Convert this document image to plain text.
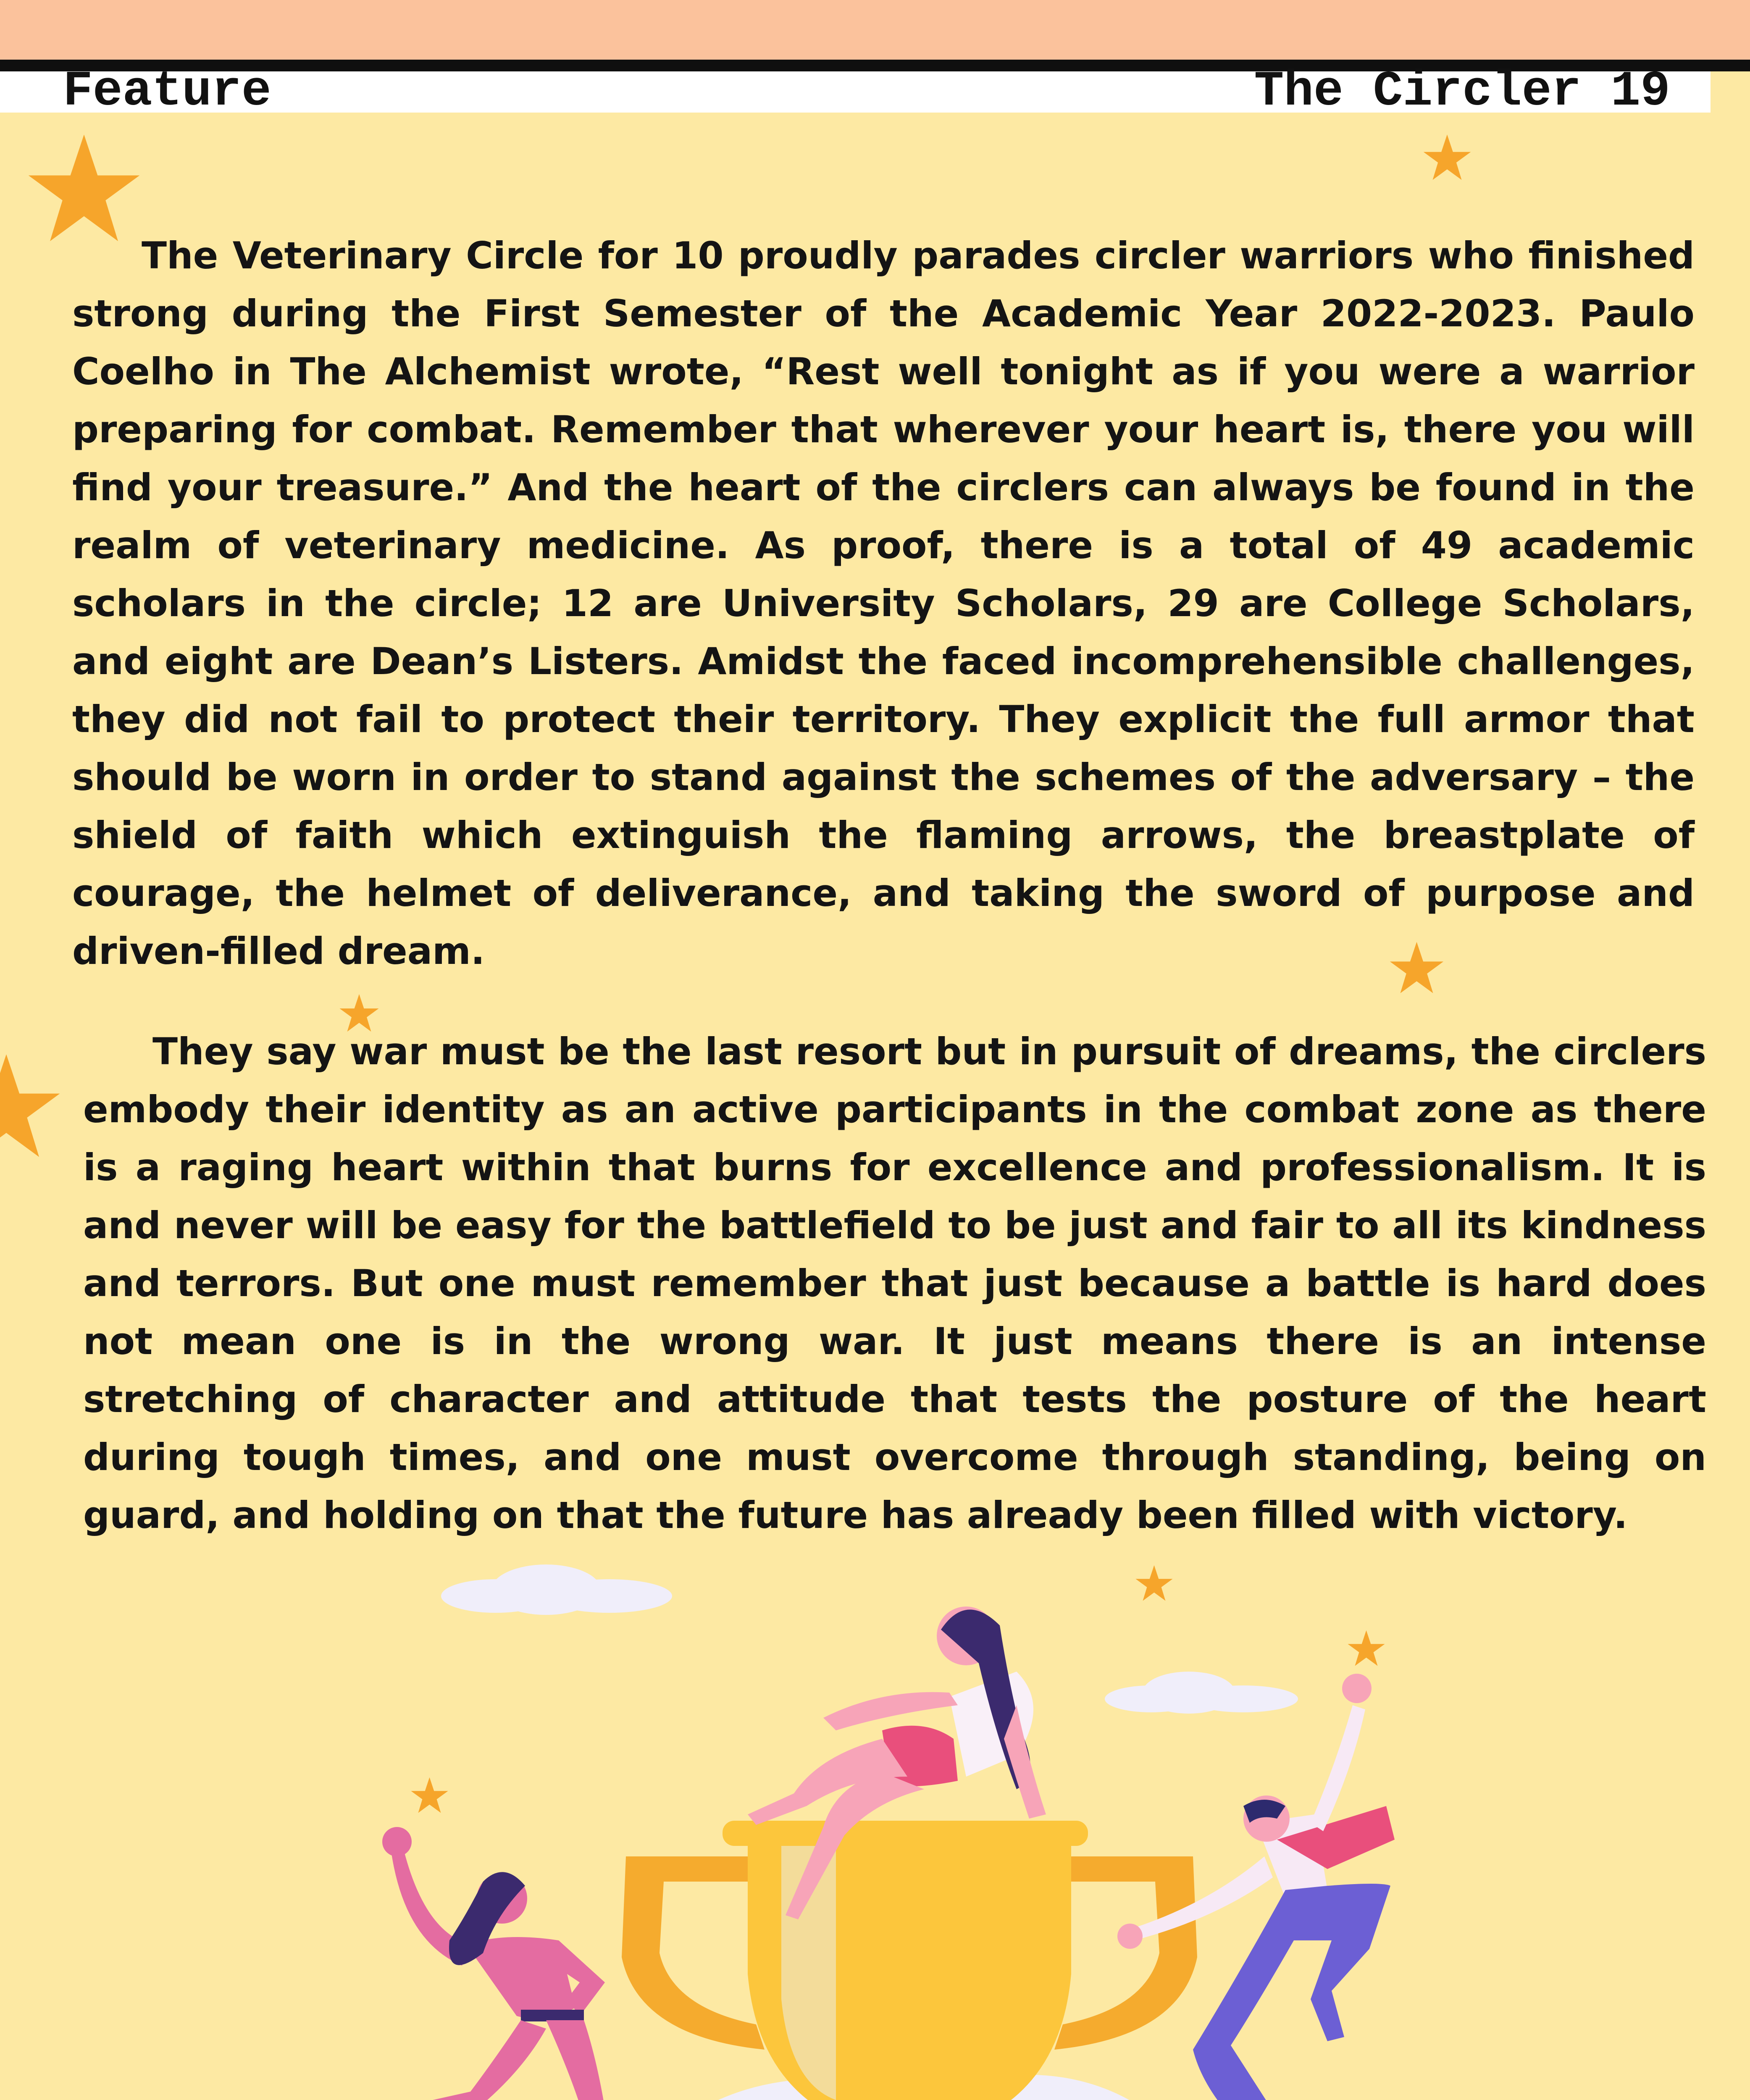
Feature	The Circler 19

The Veterinary Circle for 10 proudly parades circler warriors who finished strong during the First Semester of the Academic Year 2022-2023. Paulo Coelho in The Alchemist wrote, “Rest well tonight as if you were a warrior preparing for combat. Remember that wherever your heart is, there you will find your treasure.” And the heart of the circlers can always be found in the realm of veterinary medicine. As proof, there is a total of 49 academic scholars in the circle; 12 are University Scholars, 29 are College Scholars, and eight are Dean’s Listers. Amidst the faced incomprehensible challenges, they did not fail to protect their territory. They explicit the full armor that should be worn in order to stand against the schemes of the adversary – the shield of faith which extinguish the flaming arrows, the breastplate of courage, the helmet of deliverance, and taking the sword of purpose and driven-filled dream.

They say war must be the last resort but in pursuit of dreams, the circlers embody their identity as an active participants in the combat zone as there is a raging heart within that burns for excellence and professionalism. It is and never will be easy for the battlefield to be just and fair to all its kindness and terrors. But one must remember that just because a battle is hard does not mean one is in the wrong war. It just means there is an intense stretching of character and attitude that tests the posture of the heart during tough times, and one must overcome through standing, being on guard, and holding on that the future has already been filled with victory.
